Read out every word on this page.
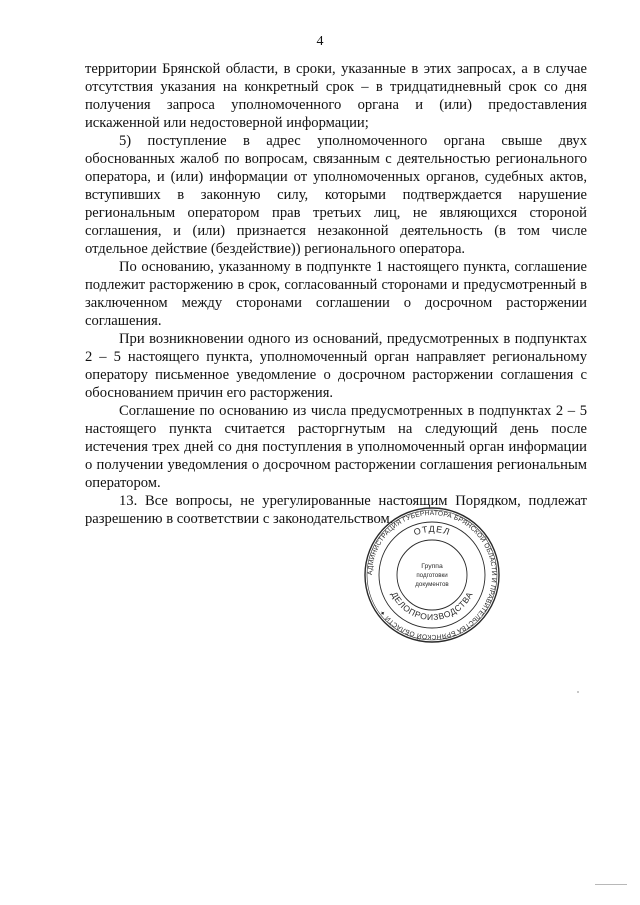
4

территории Брянской области, в сроки, указанные в этих запросах, а в случае отсутствия указания на конкретный срок – в тридцатидневный срок со дня получения запроса уполномоченного органа и (или) предоставления искаженной или недостоверной информации;

5) поступление в адрес уполномоченного органа свыше двух обоснованных жалоб по вопросам, связанным с деятельностью регионального оператора, и (или) информации от уполномоченных органов, судебных актов, вступивших в законную силу, которыми подтверждается нарушение региональным оператором прав третьих лиц, не являющихся стороной соглашения, и (или) признается незаконной деятельность (в том числе отдельное действие (бездействие)) регионального оператора.

По основанию, указанному в подпункте 1 настоящего пункта, соглашение подлежит расторжению в срок, согласованный сторонами и предусмотренный в заключенном между сторонами соглашении о досрочном расторжении соглашения.

При возникновении одного из оснований, предусмотренных в подпунктах 2 – 5 настоящего пункта, уполномоченный орган направляет региональному оператору письменное уведомление о досрочном расторжении соглашения с обоснованием причин его расторжения.

Соглашение по основанию из числа предусмотренных в подпунктах 2 – 5 настоящего пункта считается расторгнутым на следующий день после истечения трех дней со дня поступления в уполномоченный орган информации о получении уведомления о досрочном расторжении соглашения региональным оператором.

13. Все вопросы, не урегулированные настоящим Порядком, подлежат разрешению в соответствии с законодательством.

АДМИНИСТРАЦИЯ ГУБЕРНАТОРА БРЯНСКОЙ ОБЛАСТИ И ПРАВИТЕЛЬСТВА БРЯНСКОЙ ОБЛАСТИ ✦
ОТДЕЛ
ДЕЛОПРОИЗВОДСТВА
Группа
подготовки
документов
